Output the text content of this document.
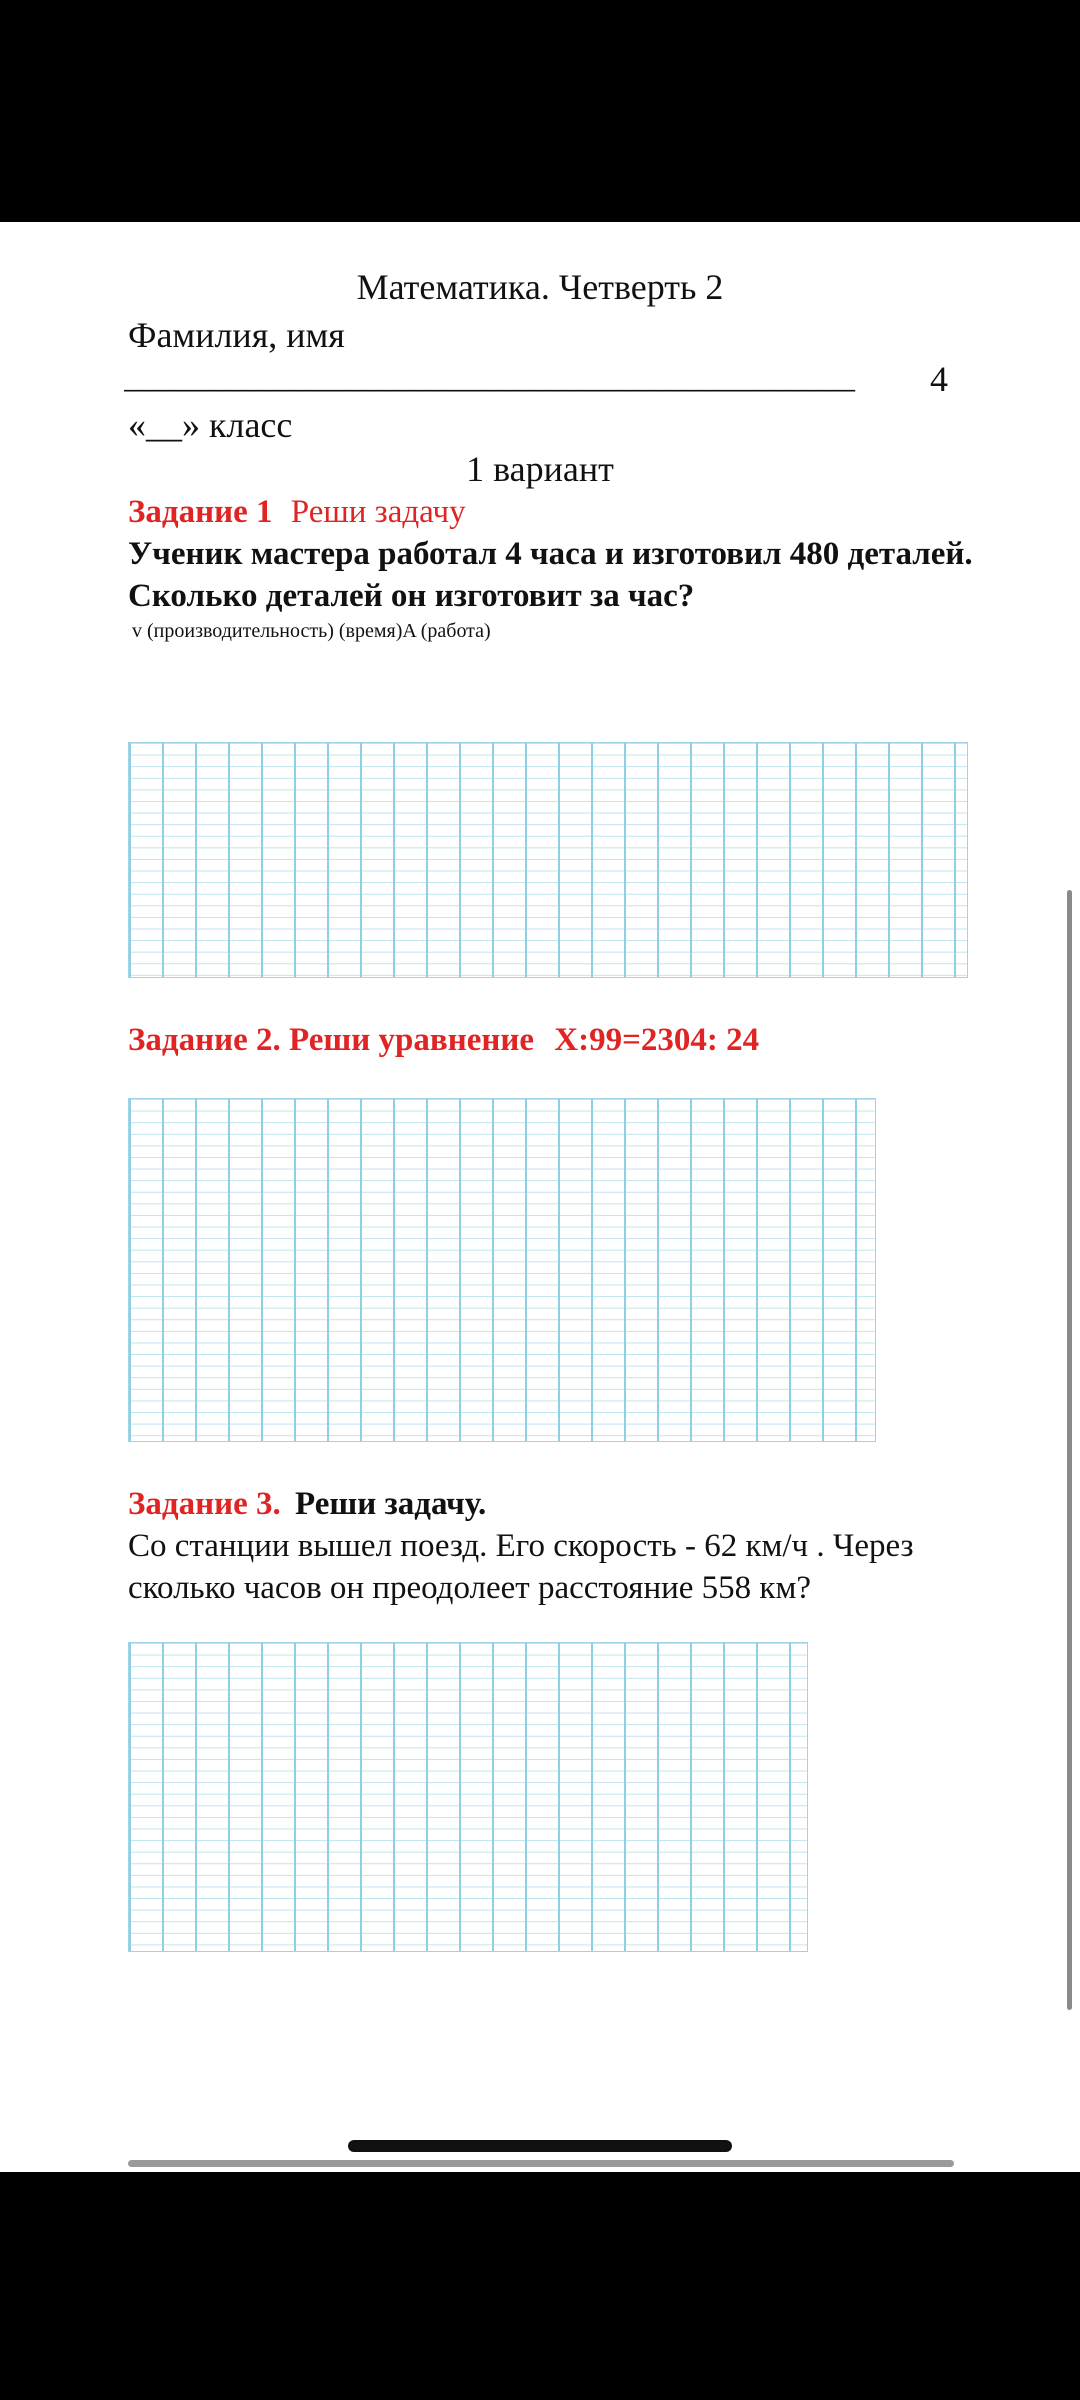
Математика. Четверть 2
Фамилия, имя
___________________________________________	4
«__» класс
1 вариант
Задание 1 Реши задачу
Ученик мастера работал 4 часа и изготовил 480 деталей.
Сколько деталей он изготовит за час?
v (производительность) (время)A (работа)
Задание 2. Реши уравнение X:99=2304: 24
Задание 3. Реши задачу.
Со станции вышел поезд. Его скорость - 62 км/ч . Через
сколько часов он преодолеет расстояние 558 км?
